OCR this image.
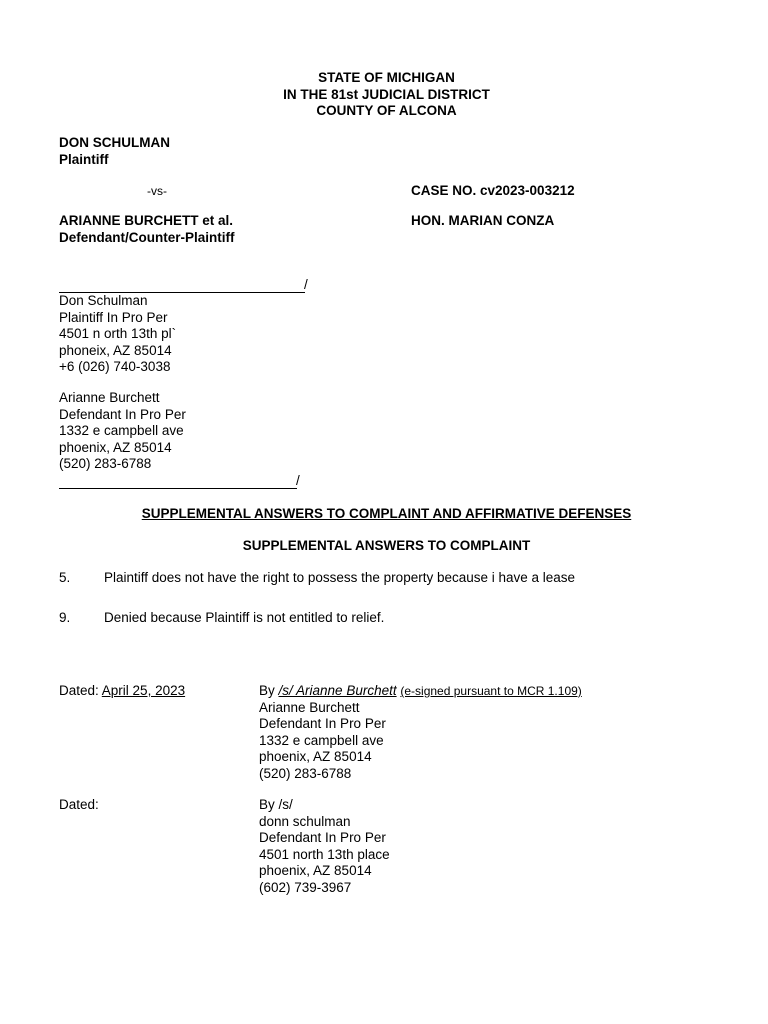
STATE OF MICHIGAN
IN THE 81st JUDICIAL DISTRICT
COUNTY OF ALCONA
DON SCHULMAN
Plaintiff
-vs-	CASE NO. cv2023-003212
ARIANNE BURCHETT et al.
Defendant/Counter-Plaintiff
HON. MARIAN CONZA
/
Don Schulman
Plaintiff In Pro Per
4501 n orth 13th pl`
phoneix, AZ 85014
+6 (026) 740-3038
Arianne Burchett
Defendant In Pro Per
1332 e campbell ave
phoenix, AZ 85014
(520) 283-6788
/
SUPPLEMENTAL ANSWERS TO COMPLAINT AND AFFIRMATIVE DEFENSES
SUPPLEMENTAL ANSWERS TO COMPLAINT
5. Plaintiff does not have the right to possess the property because i have a lease
9. Denied because Plaintiff is not entitled to relief.
Dated: April 25, 2023	By /s/ Arianne Burchett (e-signed pursuant to MCR 1.109)
Arianne Burchett
Defendant In Pro Per
1332 e campbell ave
phoenix, AZ 85014
(520) 283-6788
Dated:	By /s/
donn schulman
Defendant In Pro Per
4501 north 13th place
phoenix, AZ 85014
(602) 739-3967
